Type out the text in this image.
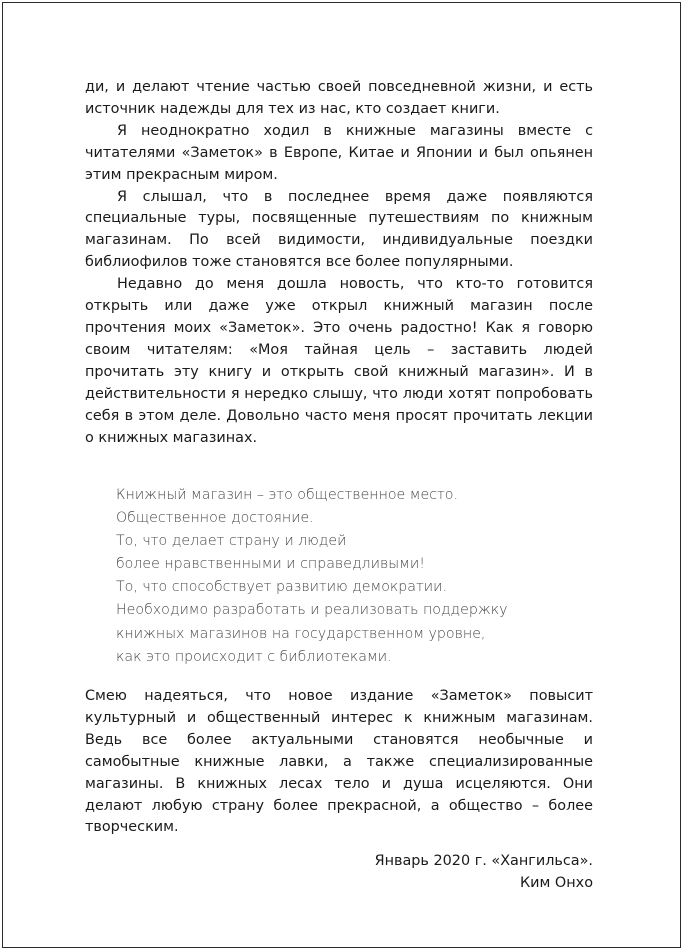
ди, и делают чтение частью своей повседневной жизни, и есть источник надежды для тех из нас, кто создает книги.

Я неоднократно ходил в книжные магазины вместе с читателями «Заметок» в Европе, Китае и Японии и был опьянен этим прекрасным миром.

Я слышал, что в последнее время даже появляются специальные туры, посвященные путешествиям по книжным магазинам. По всей видимости, индивидуальные поездки библиофилов тоже становятся все более популярными.

Недавно до меня дошла новость, что кто-то готовится открыть или даже уже открыл книжный магазин после прочтения моих «Заметок». Это очень радостно! Как я говорю своим читателям: «Моя тайная цель – заставить людей прочитать эту книгу и открыть свой книжный магазин». И в действительности я нередко слышу, что люди хотят попробовать себя в этом деле. Довольно часто меня просят прочитать лекции о книжных магазинах.

Книжный магазин – это общественное место.
Общественное достояние.
То, что делает страну и людей
более нравственными и справедливыми!
То, что способствует развитию демократии.
Необходимо разработать и реализовать поддержку
книжных магазинов на государственном уровне,
как это происходит с библиотеками.

Смею надеяться, что новое издание «Заметок» повысит культурный и общественный интерес к книжным магазинам. Ведь все более актуальными становятся необычные и самобытные книжные лавки, а также специализированные магазины. В книжных лесах тело и душа исцеляются. Они делают любую страну более прекрасной, а общество – более творческим.

Январь 2020 г. «Хангильса».
Ким Онхо
